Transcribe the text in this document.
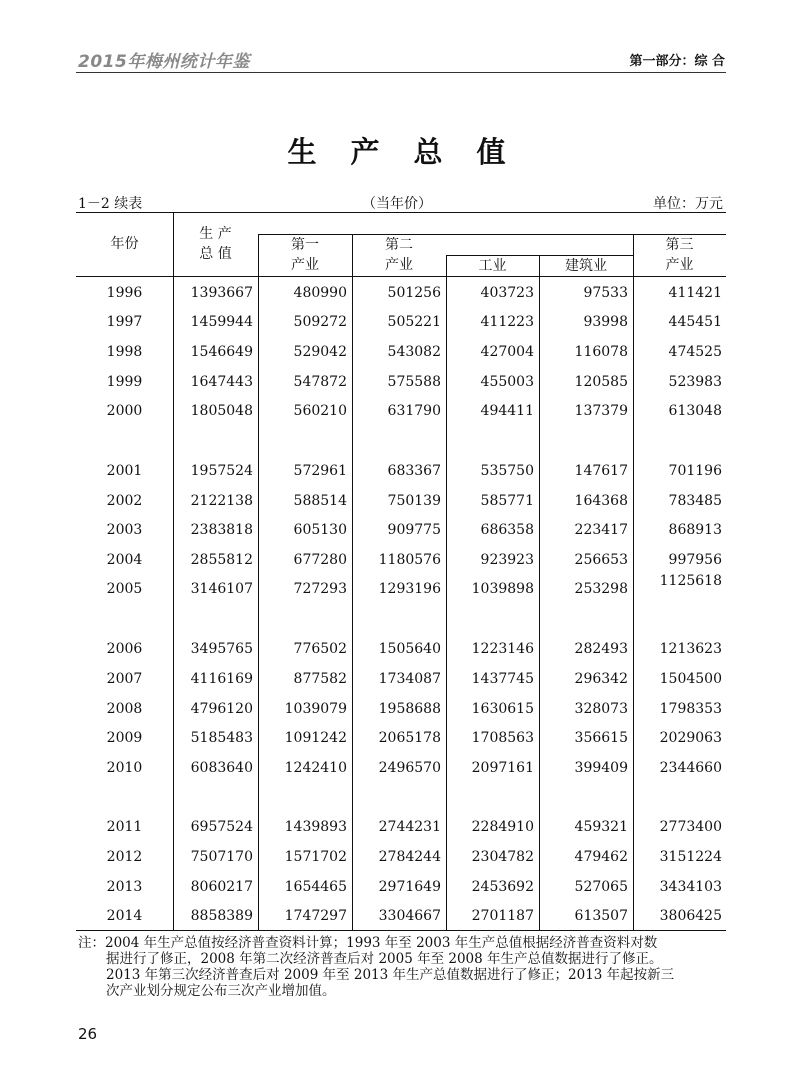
2015年梅州统计年鉴	第一部分：综 合
生产总值
1－2 续表	（当年价）	单位：万元
年份
生 产
总 值
第一
产业
第二
产业	工业	建筑业
第三
产业
1996	1393667	480990	501256	403723	97533	411421
1997	1459944	509272	505221	411223	93998	445451
1998	1546649	529042	543082	427004	116078	474525
1999	1647443	547872	575588	455003	120585	523983
2000	1805048	560210	631790	494411	137379	613048
2001	1957524	572961	683367	535750	147617	701196
2002	2122138	588514	750139	585771	164368	783485
2003	2383818	605130	909775	686358	223417	868913
2004	2855812	677280	1180576	923923	256653	997956
2005	3146107	727293	1293196	1039898	253298	1125618
2006	3495765	776502	1505640	1223146	282493	1213623
2007	4116169	877582	1734087	1437745	296342	1504500
2008	4796120	1039079	1958688	1630615	328073	1798353
2009	5185483	1091242	2065178	1708563	356615	2029063
2010	6083640	1242410	2496570	2097161	399409	2344660
2011	6957524	1439893	2744231	2284910	459321	2773400
2012	7507170	1571702	2784244	2304782	479462	3151224
2013	8060217	1654465	2971649	2453692	527065	3434103
2014	8858389	1747297	3304667	2701187	613507	3806425

注：2004 年生产总值按经济普查资料计算；1993 年至 2003 年生产总值根据经济普查资料对数

据进行了修正，2008 年第二次经济普查后对 2005 年至 2008 年生产总值数据进行了修正。

2013 年第三次经济普查后对 2009 年至 2013 年生产总值数据进行了修正；2013 年起按新三

次产业划分规定公布三次产业增加值。

26
